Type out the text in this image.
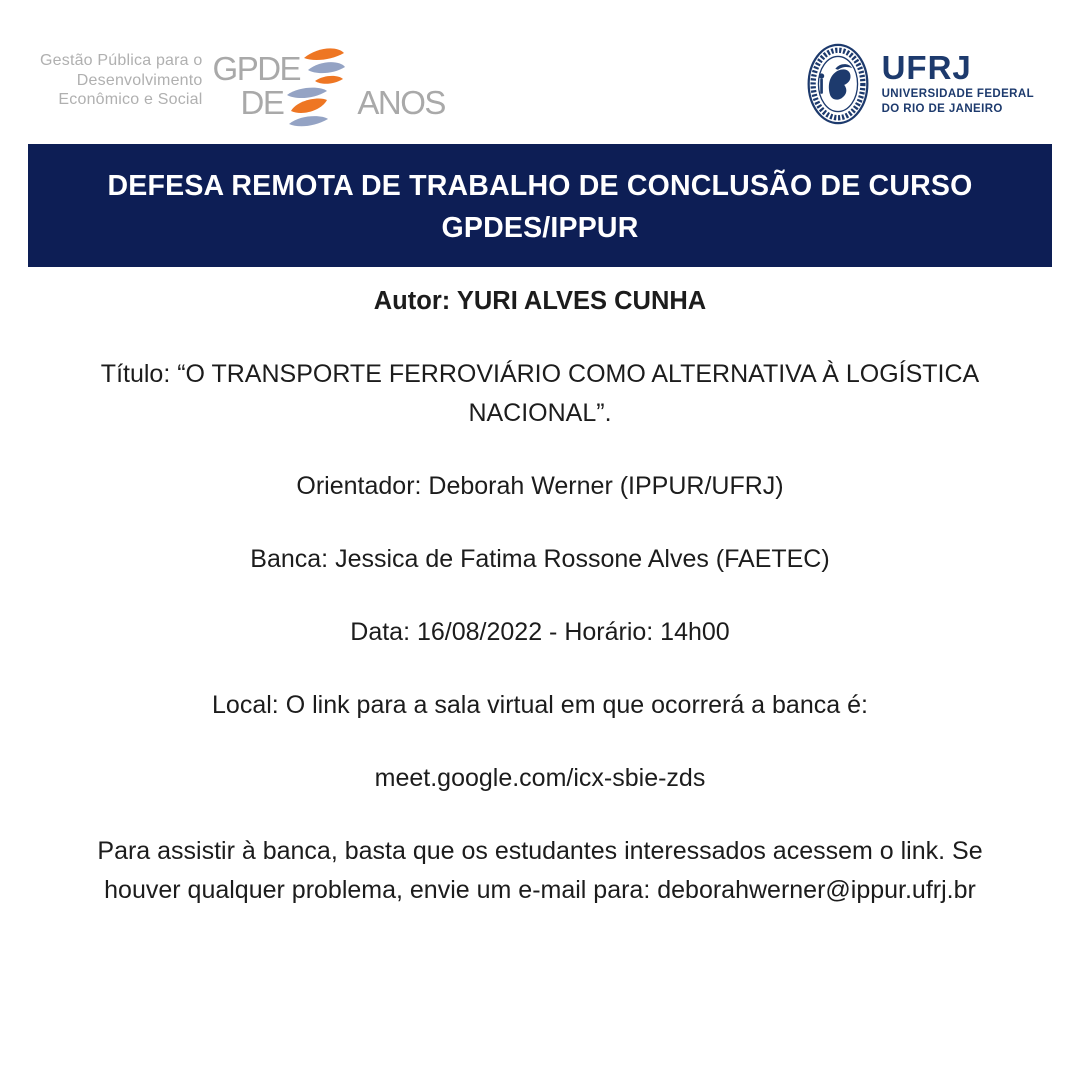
Gestão Pública para o
Desenvolvimento
Econômico e Social
GPDE
DE	ANOS
UFRJ
UNIVERSIDADE FEDERAL
DO RIO DE JANEIRO
DEFESA REMOTA DE TRABALHO DE CONCLUSÃO DE CURSO
GPDES/IPPUR

Autor: YURI ALVES CUNHA

Título: “O TRANSPORTE FERROVIÁRIO COMO ALTERNATIVA À LOGÍSTICA NACIONAL”.

Orientador: Deborah Werner (IPPUR/UFRJ)

Banca: Jessica de Fatima Rossone Alves (FAETEC)

Data: 16/08/2022 - Horário: 14h00

Local: O link para a sala virtual em que ocorrerá a banca é:

meet.google.com/icx-sbie-zds

Para assistir à banca, basta que os estudantes interessados acessem o link. Se houver qualquer problema, envie um e-mail para: deborahwerner@ippur.ufrj.br
